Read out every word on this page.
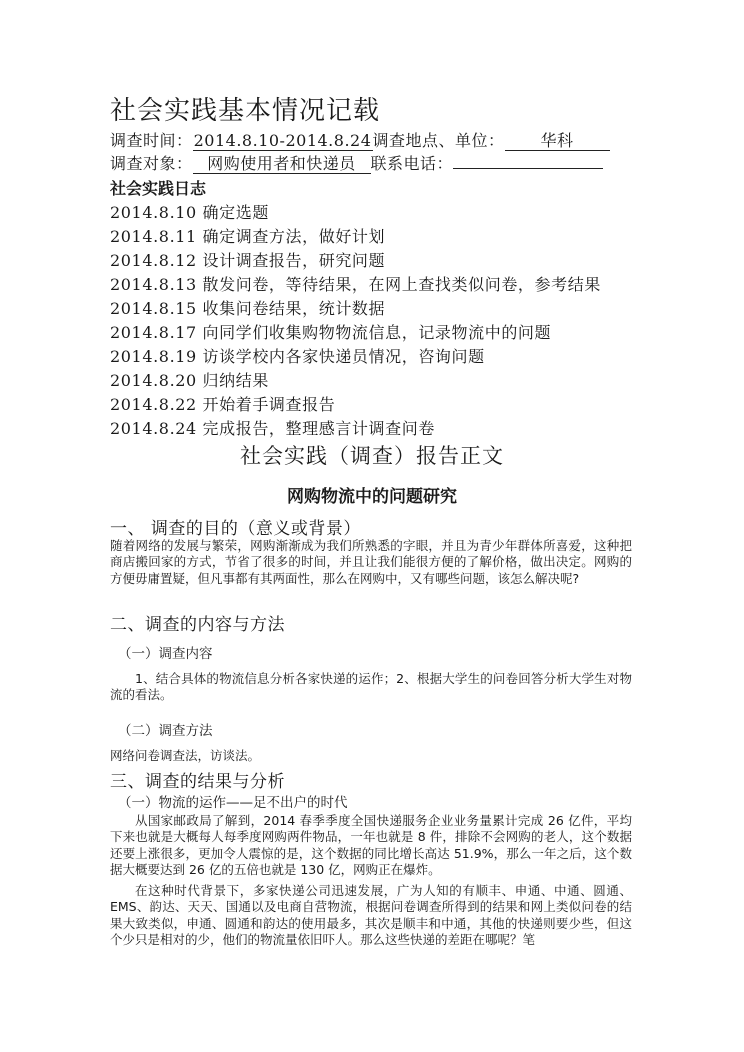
社会实践基本情况记载
调查时间：2014.8.10-2014.8.24调查地点、单位： 华科
调查对象： 网购使用者和快递员 联系电话：
社会实践日志
2014.8.10 确定选题
2014.8.11 确定调查方法，做好计划
2014.8.12 设计调查报告，研究问题
2014.8.13 散发问卷，等待结果，在网上查找类似问卷，参考结果
2014.8.15 收集问卷结果，统计数据
2014.8.17 向同学们收集购物物流信息，记录物流中的问题
2014.8.19 访谈学校内各家快递员情况，咨询问题
2014.8.20 归纳结果
2014.8.22 开始着手调查报告
2014.8.24 完成报告，整理感言计调查问卷
社会实践（调查）报告正文
网购物流中的问题研究
一、 调查的目的（意义或背景）
随着网络的发展与繁荣，网购渐渐成为我们所熟悉的字眼，并且为青少年群体所喜爱，这种把商店搬回家的方式，节省了很多的时间，并且让我们能很方便的了解价格，做出决定。网购的方便毋庸置疑，但凡事都有其两面性，那么在网购中，又有哪些问题，该怎么解决呢?
二、调查的内容与方法
（一）调查内容
1、结合具体的物流信息分析各家快递的运作；2、根据大学生的问卷回答分析大学生对物流的看法。
（二）调查方法
网络问卷调查法，访谈法。
三、调查的结果与分析
（一）物流的运作——足不出户的时代
从国家邮政局了解到，2014 春季季度全国快递服务企业业务量累计完成 26 亿件，平均下来也就是大概每人每季度网购两件物品，一年也就是 8 件，排除不会网购的老人，这个数据还要上涨很多，更加令人震惊的是，这个数据的同比增长高达 51.9%，那么一年之后，这个数据大概要达到 26 亿的五倍也就是 130 亿，网购正在爆炸。
在这种时代背景下，多家快递公司迅速发展，广为人知的有顺丰、申通、中通、圆通、EMS、韵达、天天、国通以及电商自营物流，根据问卷调查所得到的结果和网上类似问卷的结果大致类似，申通、圆通和韵达的使用最多，其次是顺丰和中通，其他的快递则要少些，但这个少只是相对的少，他们的物流量依旧吓人。那么这些快递的差距在哪呢？笔
